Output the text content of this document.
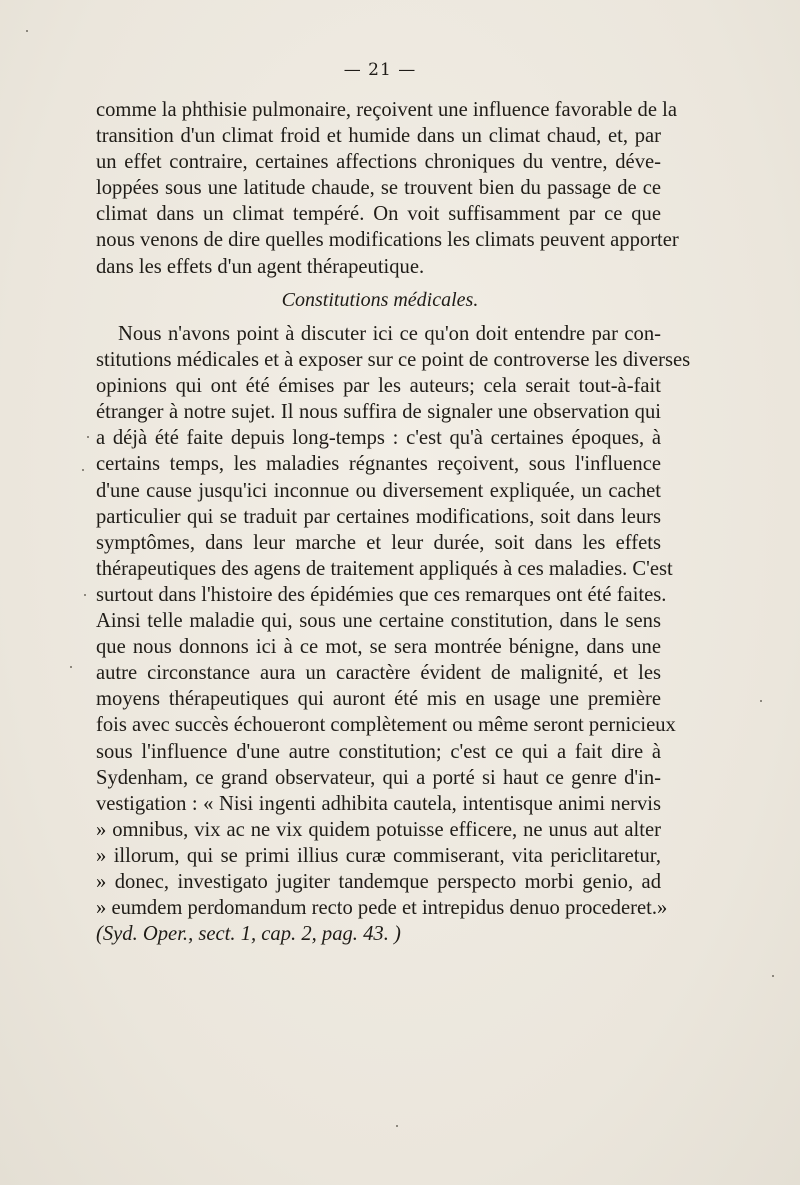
— 21 —
comme la phthisie pulmonaire, reçoivent une influence favorable de la
transition d'un climat froid et humide dans un climat chaud, et, par
un effet contraire, certaines affections chroniques du ventre, déve-
loppées sous une latitude chaude, se trouvent bien du passage de ce
climat dans un climat tempéré. On voit suffisamment par ce que
nous venons de dire quelles modifications les climats peuvent apporter
dans les effets d'un agent thérapeutique.
Constitutions médicales.
Nous n'avons point à discuter ici ce qu'on doit entendre par con-
stitutions médicales et à exposer sur ce point de controverse les diverses
opinions qui ont été émises par les auteurs; cela serait tout-à-fait
étranger à notre sujet. Il nous suffira de signaler une observation qui
a déjà été faite depuis long-temps : c'est qu'à certaines époques, à
certains temps, les maladies régnantes reçoivent, sous l'influence
d'une cause jusqu'ici inconnue ou diversement expliquée, un cachet
particulier qui se traduit par certaines modifications, soit dans leurs
symptômes, dans leur marche et leur durée, soit dans les effets
thérapeutiques des agens de traitement appliqués à ces maladies. C'est
surtout dans l'histoire des épidémies que ces remarques ont été faites.
Ainsi telle maladie qui, sous une certaine constitution, dans le sens
que nous donnons ici à ce mot, se sera montrée bénigne, dans une
autre circonstance aura un caractère évident de malignité, et les
moyens thérapeutiques qui auront été mis en usage une première
fois avec succès échoueront complètement ou même seront pernicieux
sous l'influence d'une autre constitution; c'est ce qui a fait dire à
Sydenham, ce grand observateur, qui a porté si haut ce genre d'in-
vestigation : « Nisi ingenti adhibita cautela, intentisque animi nervis
» omnibus, vix ac ne vix quidem potuisse efficere, ne unus aut alter
» illorum, qui se primi illius curæ commiserant, vita periclitaretur,
» donec, investigato jugiter tandemque perspecto morbi genio, ad
» eumdem perdomandum recto pede et intrepidus denuo procederet.»
(Syd. Oper., sect. 1, cap. 2, pag. 43. )
